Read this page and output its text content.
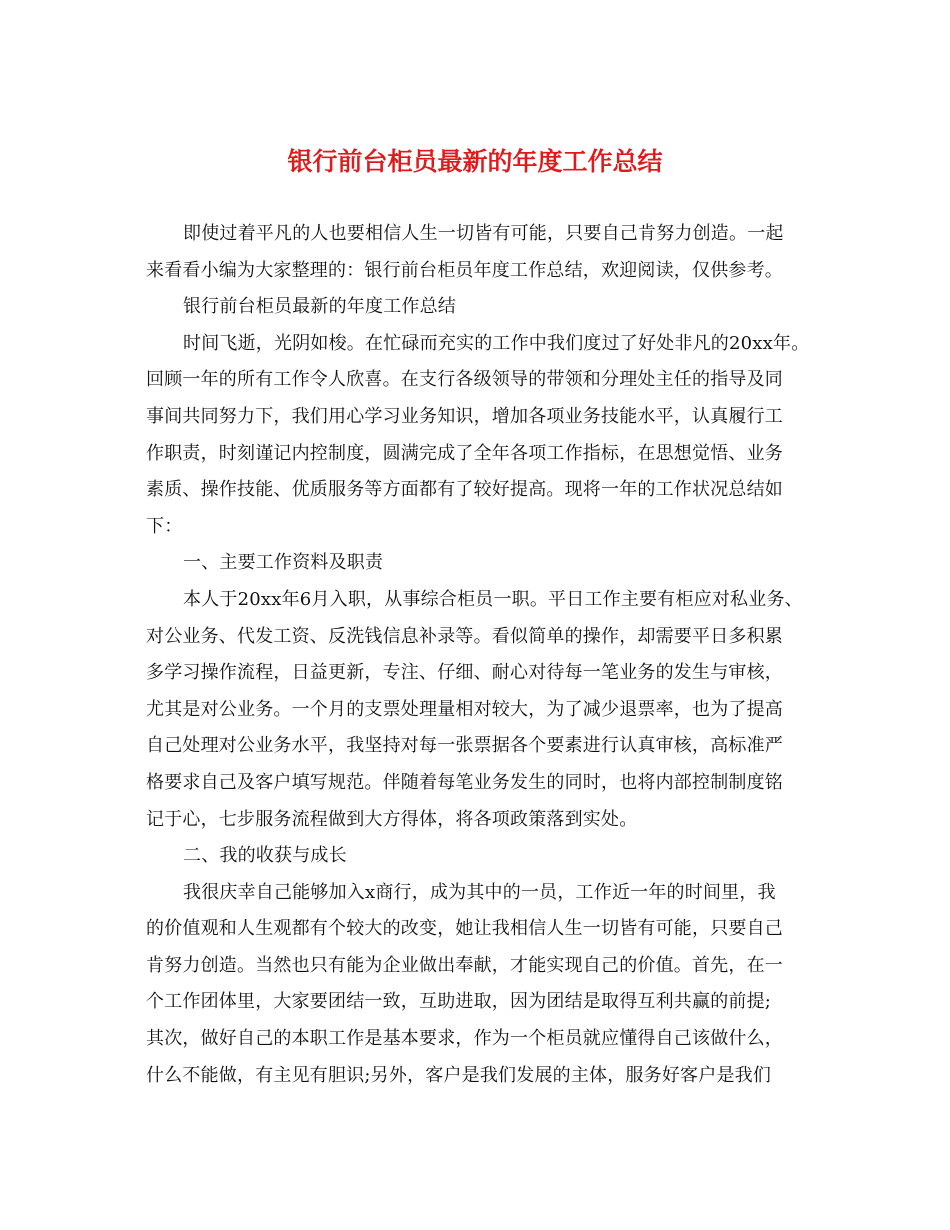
银行前台柜员最新的年度工作总结
即使过着平凡的人也要相信人生一切皆有可能，只要自己肯努力创造。一起
来看看小编为大家整理的：银行前台柜员年度工作总结，欢迎阅读，仅供参考。
银行前台柜员最新的年度工作总结
时间飞逝，光阴如梭。在忙碌而充实的工作中我们度过了好处非凡的20xx年。
回顾一年的所有工作令人欣喜。在支行各级领导的带领和分理处主任的指导及同
事间共同努力下，我们用心学习业务知识，增加各项业务技能水平，认真履行工
作职责，时刻谨记内控制度，圆满完成了全年各项工作指标，在思想觉悟、业务
素质、操作技能、优质服务等方面都有了较好提高。现将一年的工作状况总结如
下：
一、主要工作资料及职责
本人于20xx年6月入职，从事综合柜员一职。平日工作主要有柜应对私业务、
对公业务、代发工资、反洗钱信息补录等。看似简单的操作，却需要平日多积累
多学习操作流程，日益更新，专注、仔细、耐心对待每一笔业务的发生与审核，
尤其是对公业务。一个月的支票处理量相对较大，为了减少退票率，也为了提高
自己处理对公业务水平，我坚持对每一张票据各个要素进行认真审核，高标准严
格要求自己及客户填写规范。伴随着每笔业务发生的同时，也将内部控制制度铭
记于心，七步服务流程做到大方得体，将各项政策落到实处。
二、我的收获与成长
我很庆幸自己能够加入x商行，成为其中的一员，工作近一年的时间里，我
的价值观和人生观都有个较大的改变，她让我相信人生一切皆有可能，只要自己
肯努力创造。当然也只有能为企业做出奉献，才能实现自己的价值。首先，在一
个工作团体里，大家要团结一致，互助进取，因为团结是取得互利共赢的前提;
其次，做好自己的本职工作是基本要求，作为一个柜员就应懂得自己该做什么，
什么不能做，有主见有胆识;另外，客户是我们发展的主体，服务好客户是我们
